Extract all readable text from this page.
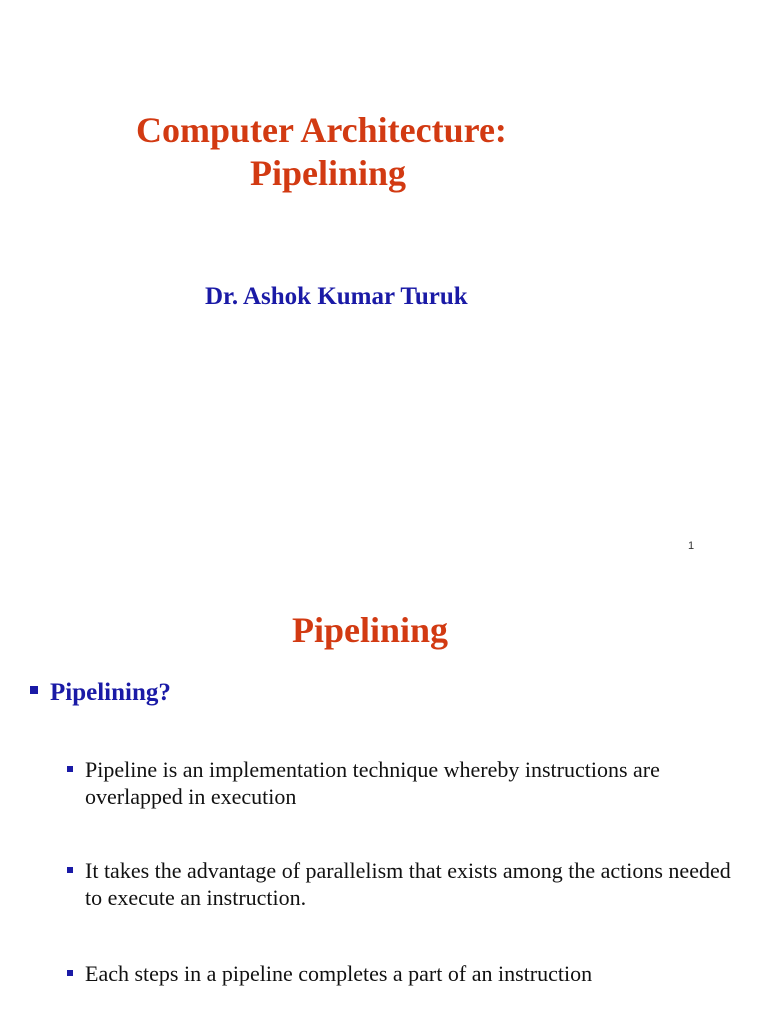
Computer Architecture:
Pipelining
Dr. Ashok Kumar Turuk
1
Pipelining
Pipelining?
Pipeline is an implementation technique whereby instructions are overlapped in execution
It takes the advantage of parallelism that exists among the actions needed to execute an instruction.
Each steps in a pipeline completes a part of an instruction
